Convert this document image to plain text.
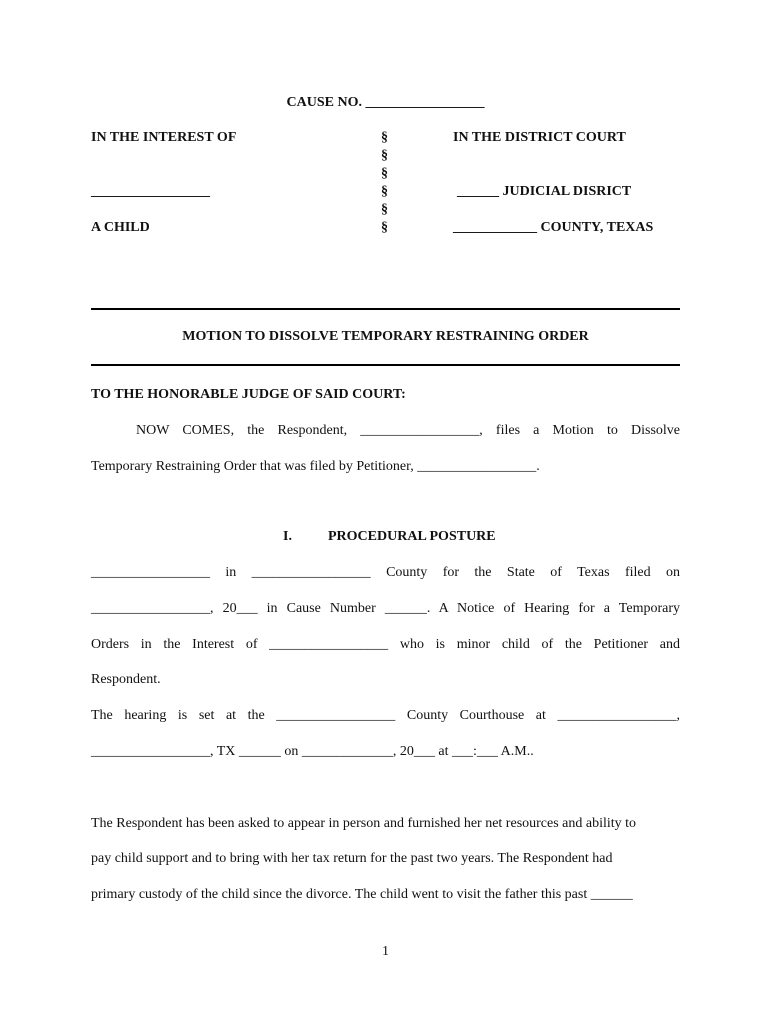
CAUSE NO. _________________
IN THE INTEREST OF
_________________
A CHILD
§
§
§
§
§
§
IN THE DISTRICT COURT
______ JUDICIAL DISRICT
____________ COUNTY, TEXAS
MOTION TO DISSOLVE TEMPORARY RESTRAINING ORDER
TO THE HONORABLE JUDGE OF SAID COURT:
NOW COMES, the Respondent, _________________, files a Motion to Dissolve
Temporary Restraining Order that was filed by Petitioner, _________________.
I.	PROCEDURAL POSTURE
_________________ in _________________ County for the State of Texas filed on
_________________, 20___ in Cause Number ______. A Notice of Hearing for a Temporary
Orders in the Interest of _________________ who is minor child of the Petitioner and
Respondent.
The hearing is set at the _________________ County Courthouse at _________________,
_________________, TX ______ on _____________, 20___ at ___:___ A.M..
The Respondent has been asked to appear in person and furnished her net resources and ability to
pay child support and to bring with her tax return for the past two years. The Respondent had
primary custody of the child since the divorce. The child went to visit the father this past ______
1
